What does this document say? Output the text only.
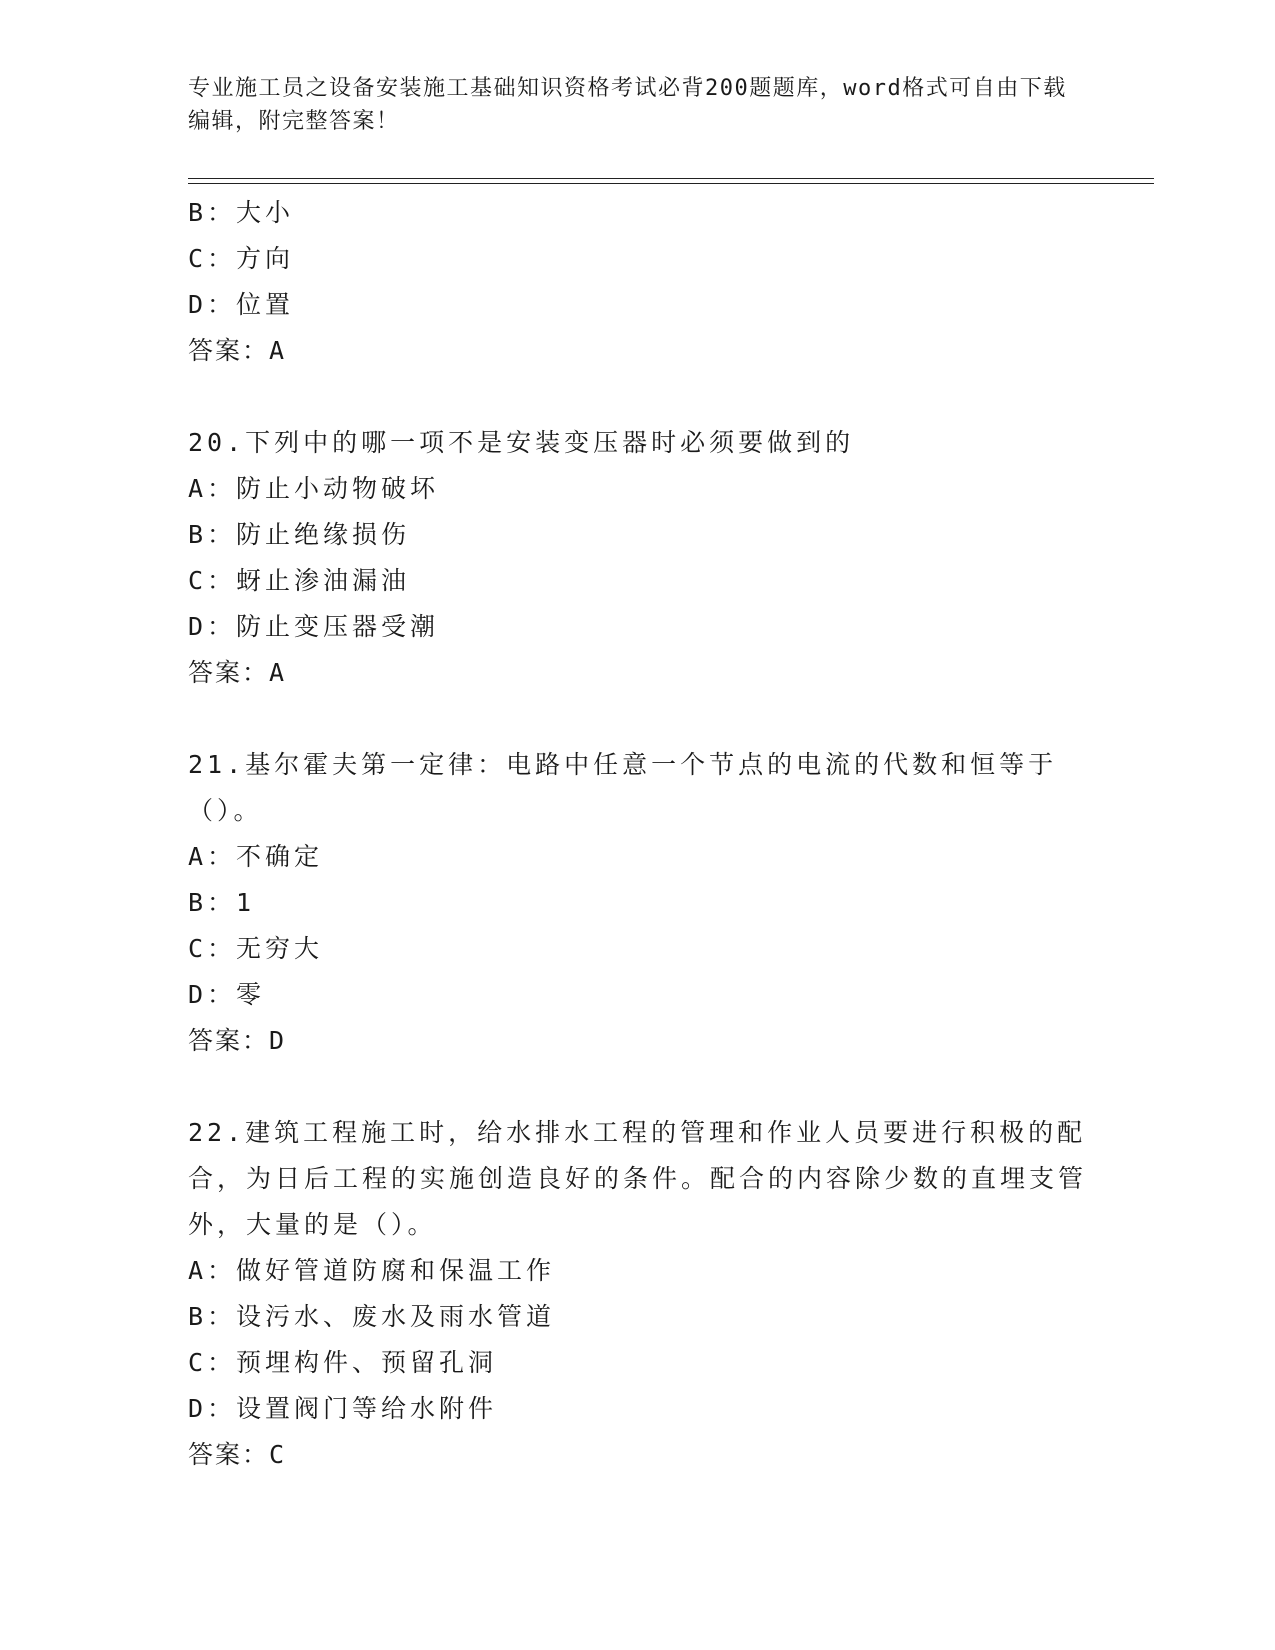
专业施工员之设备安装施工基础知识资格考试必背200题题库，word格式可自由下载编辑，附完整答案！
B：大小
C：方向
D：位置
答案：A
20.下列中的哪一项不是安装变压器时必须要做到的
A：防止小动物破坏
B：防止绝缘损伤
C：蚜止渗油漏油
D：防止变压器受潮
答案：A
21.基尔霍夫第一定律：电路中任意一个节点的电流的代数和恒等于（）。
A：不确定
B：1
C：无穷大
D：零
答案：D
22.建筑工程施工时，给水排水工程的管理和作业人员要进行积极的配合，为日后工程的实施创造良好的条件。配合的内容除少数的直埋支管外，大量的是（）。
A：做好管道防腐和保温工作
B：设污水、废水及雨水管道
C：预埋构件、预留孔洞
D：设置阀门等给水附件
答案：C
